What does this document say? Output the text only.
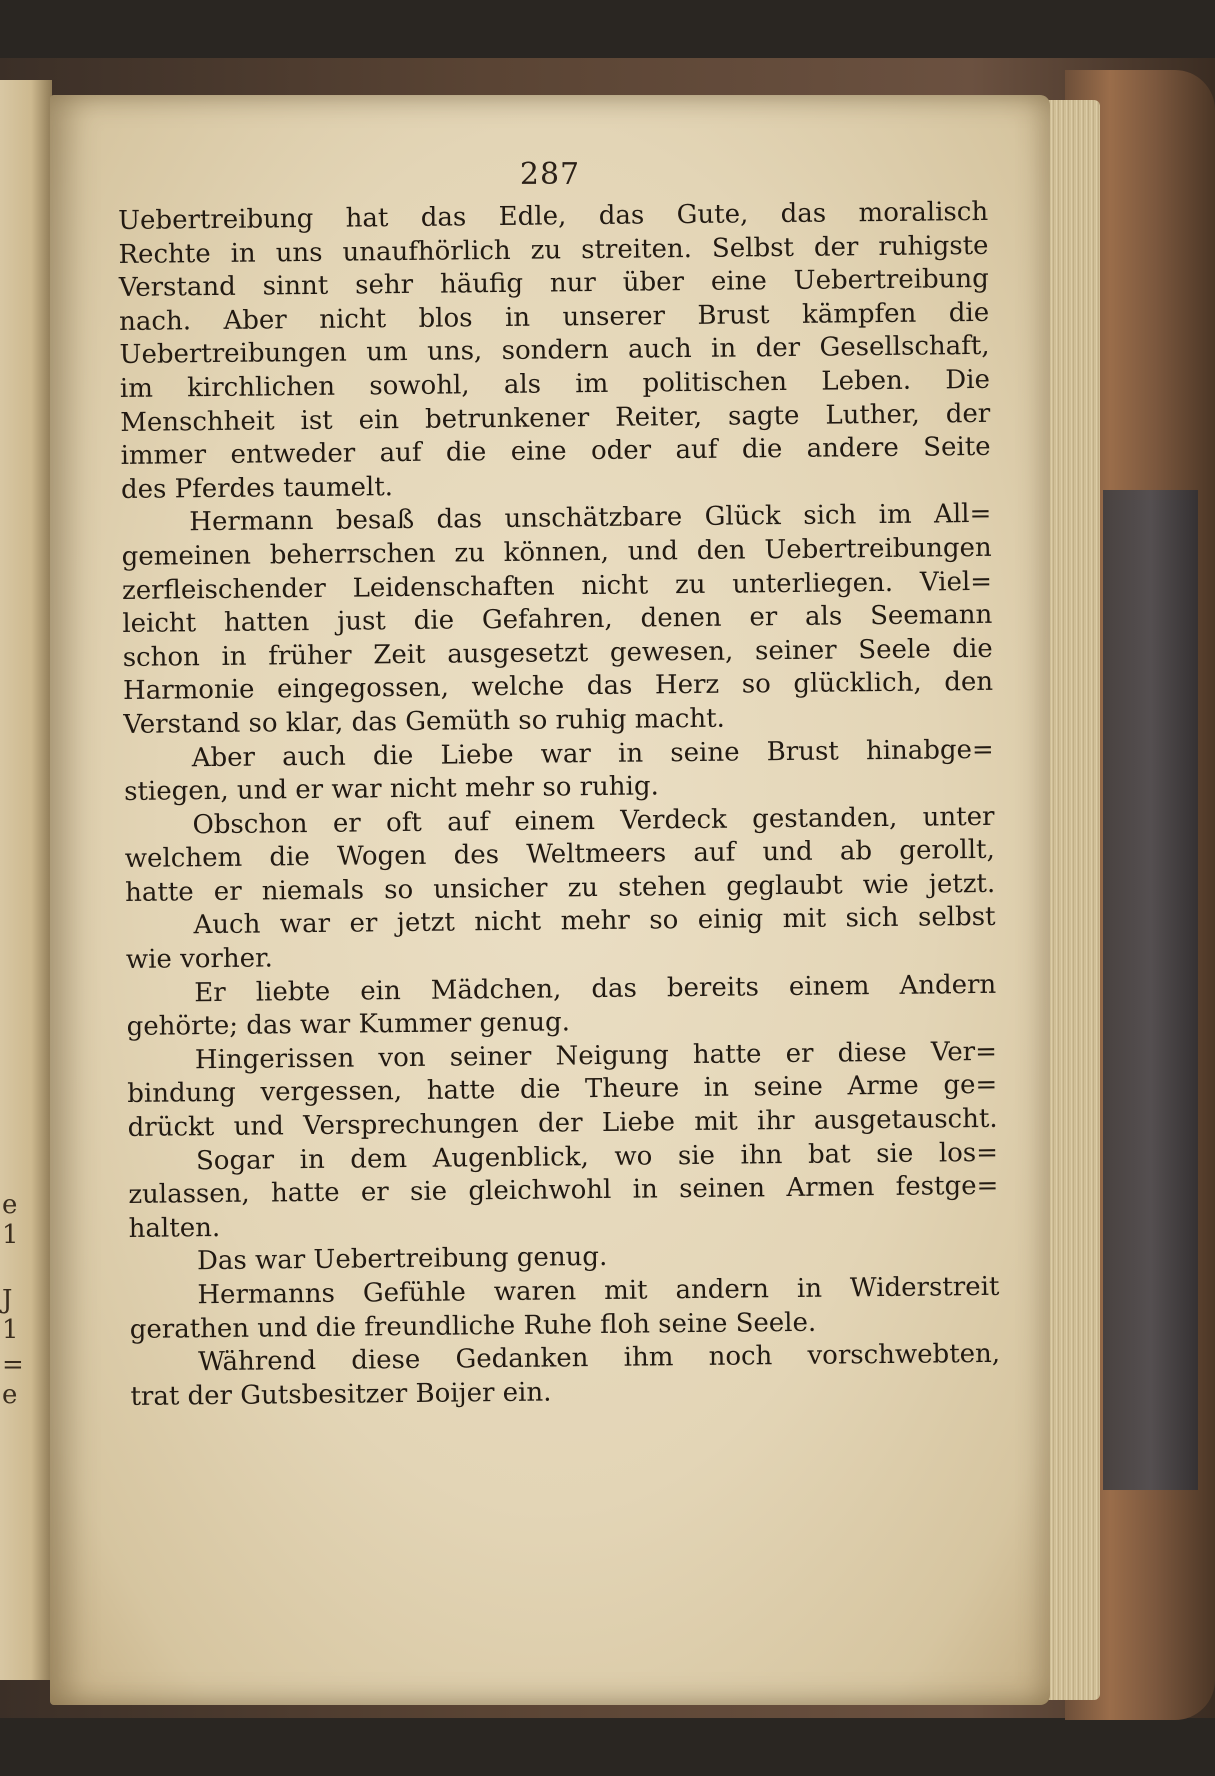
e
1
J
1
=
e
287
Uebertreibung hat das Edle, das Gute, das moralisch
Rechte in uns unaufhörlich zu streiten. Selbst der ruhigste
Verstand sinnt sehr häufig nur über eine Uebertreibung
nach. Aber nicht blos in unserer Brust kämpfen die
Uebertreibungen um uns, sondern auch in der Gesellschaft,
im kirchlichen sowohl, als im politischen Leben. Die
Menschheit ist ein betrunkener Reiter, sagte Luther, der
immer entweder auf die eine oder auf die andere Seite
des Pferdes taumelt.
Hermann besaß das unschätzbare Glück sich im All=
gemeinen beherrschen zu können, und den Uebertreibungen
zerfleischender Leidenschaften nicht zu unterliegen. Viel=
leicht hatten just die Gefahren, denen er als Seemann
schon in früher Zeit ausgesetzt gewesen, seiner Seele die
Harmonie eingegossen, welche das Herz so glücklich, den
Verstand so klar, das Gemüth so ruhig macht.
Aber auch die Liebe war in seine Brust hinabge=
stiegen, und er war nicht mehr so ruhig.
Obschon er oft auf einem Verdeck gestanden, unter
welchem die Wogen des Weltmeers auf und ab gerollt,
hatte er niemals so unsicher zu stehen geglaubt wie jetzt.
Auch war er jetzt nicht mehr so einig mit sich selbst
wie vorher.
Er liebte ein Mädchen, das bereits einem Andern
gehörte; das war Kummer genug.
Hingerissen von seiner Neigung hatte er diese Ver=
bindung vergessen, hatte die Theure in seine Arme ge=
drückt und Versprechungen der Liebe mit ihr ausgetauscht.
Sogar in dem Augenblick, wo sie ihn bat sie los=
zulassen, hatte er sie gleichwohl in seinen Armen festge=
halten.
Das war Uebertreibung genug.
Hermanns Gefühle waren mit andern in Widerstreit
gerathen und die freundliche Ruhe floh seine Seele.
Während diese Gedanken ihm noch vorschwebten,
trat der Gutsbesitzer Boijer ein.
